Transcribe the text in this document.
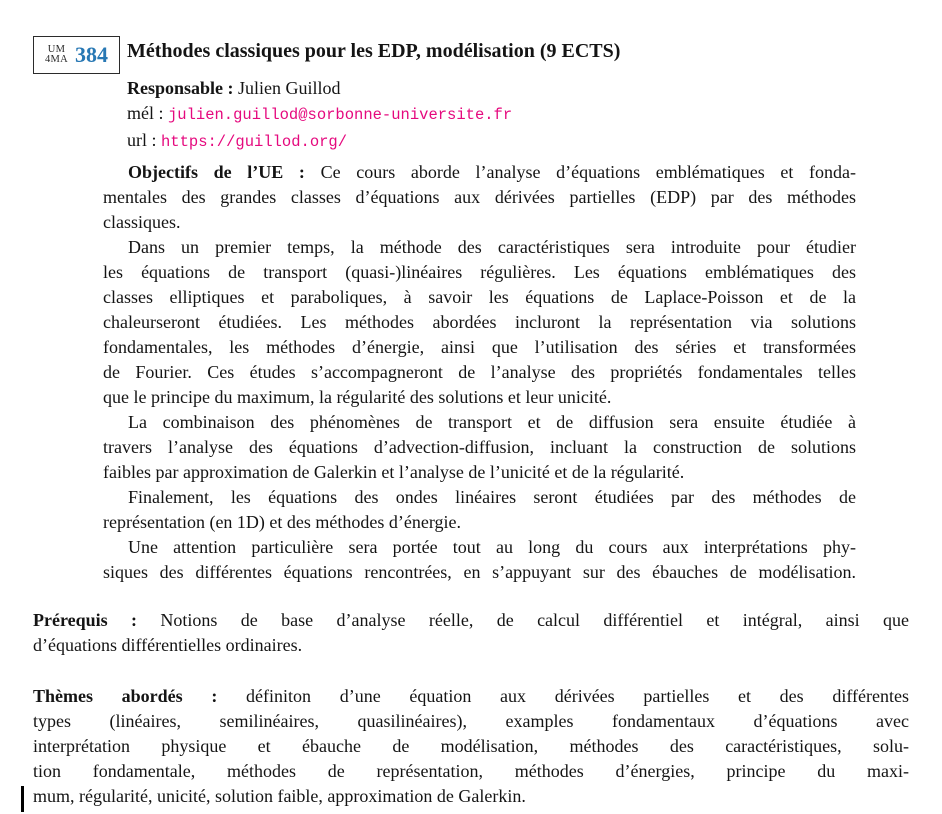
UM
4MA 384 Méthodes classiques pour les EDP, modélisation (9 ECTS)
Responsable : Julien Guillod
mél : julien.guillod@sorbonne-universite.fr
url : https://guillod.org/
Objectifs de l’UE : Ce cours aborde l’analyse d’équations emblématiques et fonda-
mentales des grandes classes d’équations aux dérivées partielles (EDP) par des méthodes
classiques.
Dans un premier temps, la méthode des caractéristiques sera introduite pour étudier
les équations de transport (quasi-)linéaires régulières. Les équations emblématiques des
classes elliptiques et paraboliques, à savoir les équations de Laplace-Poisson et de la
chaleurseront étudiées. Les méthodes abordées incluront la représentation via solutions
fondamentales, les méthodes d’énergie, ainsi que l’utilisation des séries et transformées
de Fourier. Ces études s’accompagneront de l’analyse des propriétés fondamentales telles
que le principe du maximum, la régularité des solutions et leur unicité.
La combinaison des phénomènes de transport et de diffusion sera ensuite étudiée à
travers l’analyse des équations d’advection-diffusion, incluant la construction de solutions
faibles par approximation de Galerkin et l’analyse de l’unicité et de la régularité.
Finalement, les équations des ondes linéaires seront étudiées par des méthodes de
représentation (en 1D) et des méthodes d’énergie.
Une attention particulière sera portée tout au long du cours aux interprétations phy-
siques des différentes équations rencontrées, en s’appuyant sur des ébauches de modélisation.
Prérequis : Notions de base d’analyse réelle, de calcul différentiel et intégral, ainsi que
d’équations différentielles ordinaires.
Thèmes abordés : définiton d’une équation aux dérivées partielles et des différentes
types (linéaires, semilinéaires, quasilinéaires), examples fondamentaux d’équations avec
interprétation physique et ébauche de modélisation, méthodes des caractéristiques, solu-
tion fondamentale, méthodes de représentation, méthodes d’énergies, principe du maxi-
mum, régularité, unicité, solution faible, approximation de Galerkin.
